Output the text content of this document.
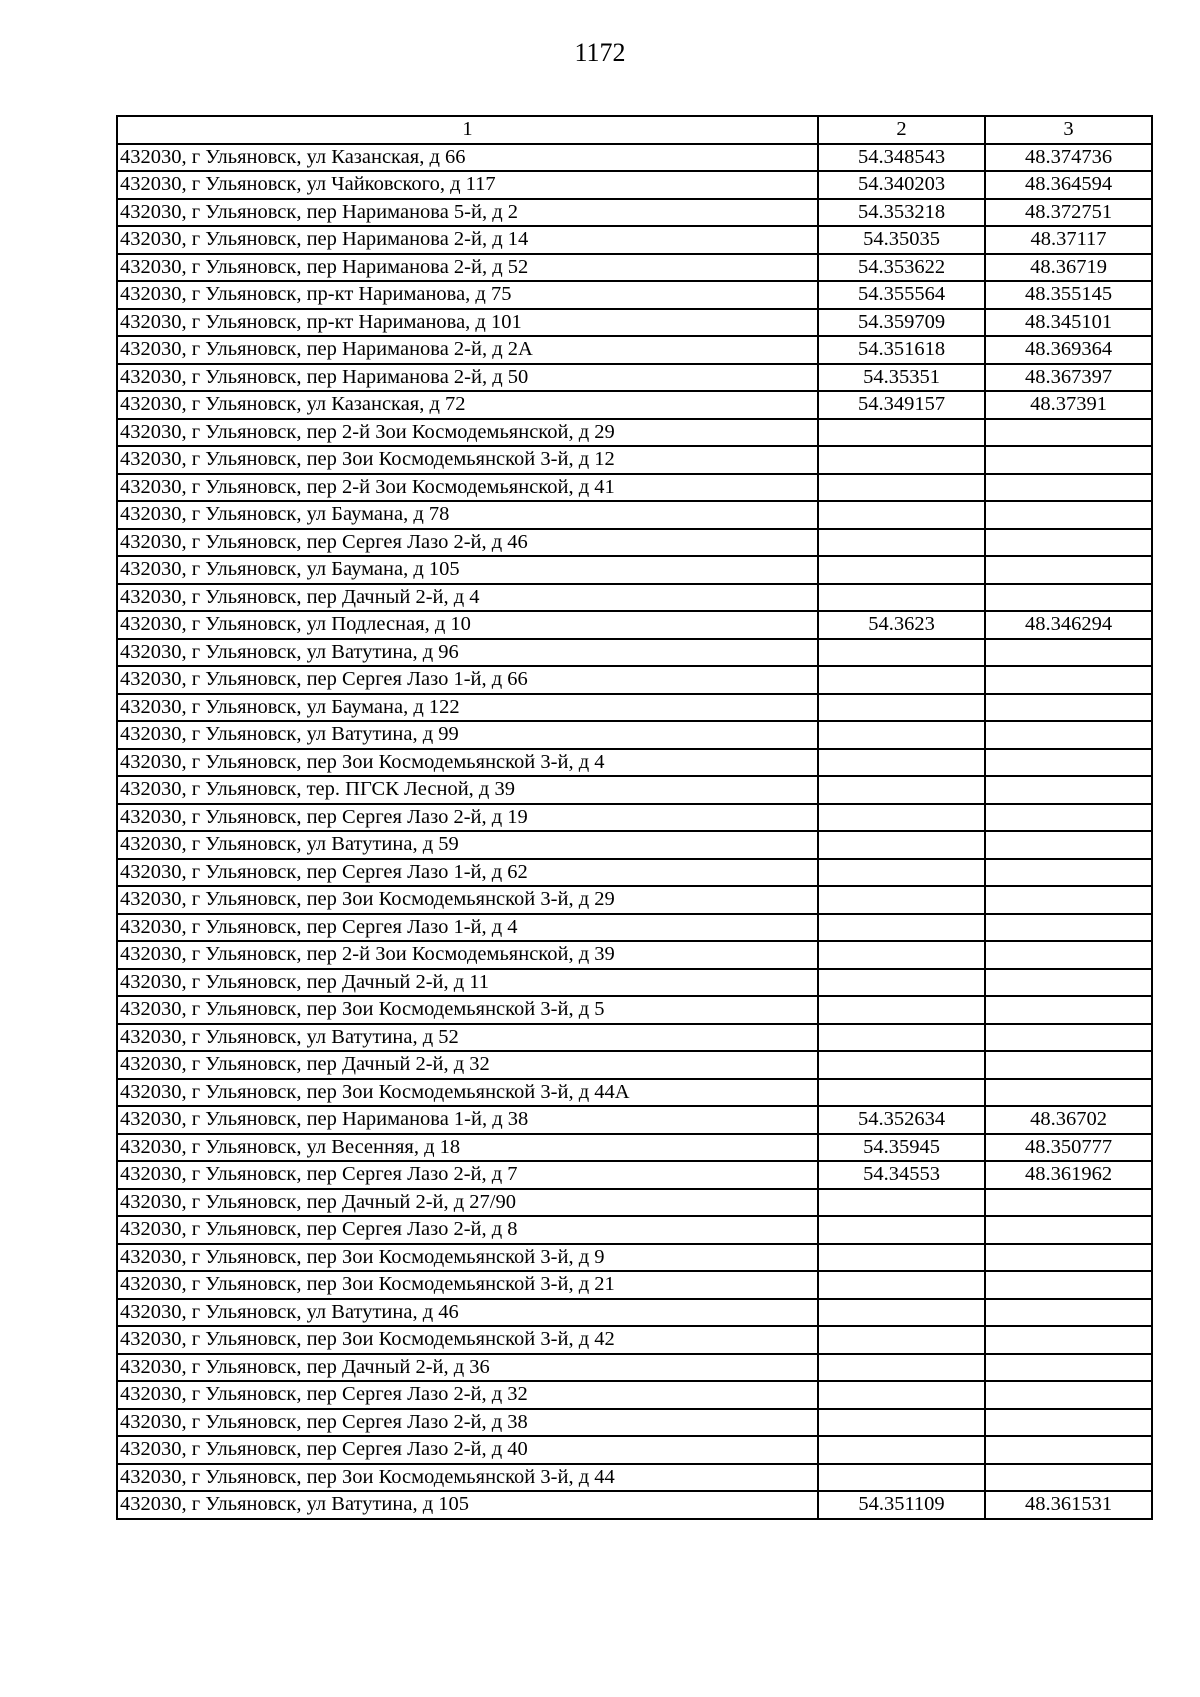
1172
1	2	3
432030, г Ульяновск, ул Казанская, д 66	54.348543	48.374736
432030, г Ульяновск, ул Чайковского, д 117	54.340203	48.364594
432030, г Ульяновск, пер Нариманова 5-й, д 2	54.353218	48.372751
432030, г Ульяновск, пер Нариманова 2-й, д 14	54.35035	48.37117
432030, г Ульяновск, пер Нариманова 2-й, д 52	54.353622	48.36719
432030, г Ульяновск, пр-кт Нариманова, д 75	54.355564	48.355145
432030, г Ульяновск, пр-кт Нариманова, д 101	54.359709	48.345101
432030, г Ульяновск, пер Нариманова 2-й, д 2А	54.351618	48.369364
432030, г Ульяновск, пер Нариманова 2-й, д 50	54.35351	48.367397
432030, г Ульяновск, ул Казанская, д 72	54.349157	48.37391
432030, г Ульяновск, пер 2-й Зои Космодемьянской, д 29		
432030, г Ульяновск, пер Зои Космодемьянской 3-й, д 12		
432030, г Ульяновск, пер 2-й Зои Космодемьянской, д 41		
432030, г Ульяновск, ул Баумана, д 78		
432030, г Ульяновск, пер Сергея Лазо 2-й, д 46		
432030, г Ульяновск, ул Баумана, д 105		
432030, г Ульяновск, пер Дачный 2-й, д 4		
432030, г Ульяновск, ул Подлесная, д 10	54.3623	48.346294
432030, г Ульяновск, ул Ватутина, д 96		
432030, г Ульяновск, пер Сергея Лазо 1-й, д 66		
432030, г Ульяновск, ул Баумана, д 122		
432030, г Ульяновск, ул Ватутина, д 99		
432030, г Ульяновск, пер Зои Космодемьянской 3-й, д 4		
432030, г Ульяновск, тер. ПГСК Лесной, д 39		
432030, г Ульяновск, пер Сергея Лазо 2-й, д 19		
432030, г Ульяновск, ул Ватутина, д 59		
432030, г Ульяновск, пер Сергея Лазо 1-й, д 62		
432030, г Ульяновск, пер Зои Космодемьянской 3-й, д 29		
432030, г Ульяновск, пер Сергея Лазо 1-й, д 4		
432030, г Ульяновск, пер 2-й Зои Космодемьянской, д 39		
432030, г Ульяновск, пер Дачный 2-й, д 11		
432030, г Ульяновск, пер Зои Космодемьянской 3-й, д 5		
432030, г Ульяновск, ул Ватутина, д 52		
432030, г Ульяновск, пер Дачный 2-й, д 32		
432030, г Ульяновск, пер Зои Космодемьянской 3-й, д 44А		
432030, г Ульяновск, пер Нариманова 1-й, д 38	54.352634	48.36702
432030, г Ульяновск, ул Весенняя, д 18	54.35945	48.350777
432030, г Ульяновск, пер Сергея Лазо 2-й, д 7	54.34553	48.361962
432030, г Ульяновск, пер Дачный 2-й, д 27/90		
432030, г Ульяновск, пер Сергея Лазо 2-й, д 8		
432030, г Ульяновск, пер Зои Космодемьянской 3-й, д 9		
432030, г Ульяновск, пер Зои Космодемьянской 3-й, д 21		
432030, г Ульяновск, ул Ватутина, д 46		
432030, г Ульяновск, пер Зои Космодемьянской 3-й, д 42		
432030, г Ульяновск, пер Дачный 2-й, д 36		
432030, г Ульяновск, пер Сергея Лазо 2-й, д 32		
432030, г Ульяновск, пер Сергея Лазо 2-й, д 38		
432030, г Ульяновск, пер Сергея Лазо 2-й, д 40		
432030, г Ульяновск, пер Зои Космодемьянской 3-й, д 44		
432030, г Ульяновск, ул Ватутина, д 105	54.351109	48.361531
